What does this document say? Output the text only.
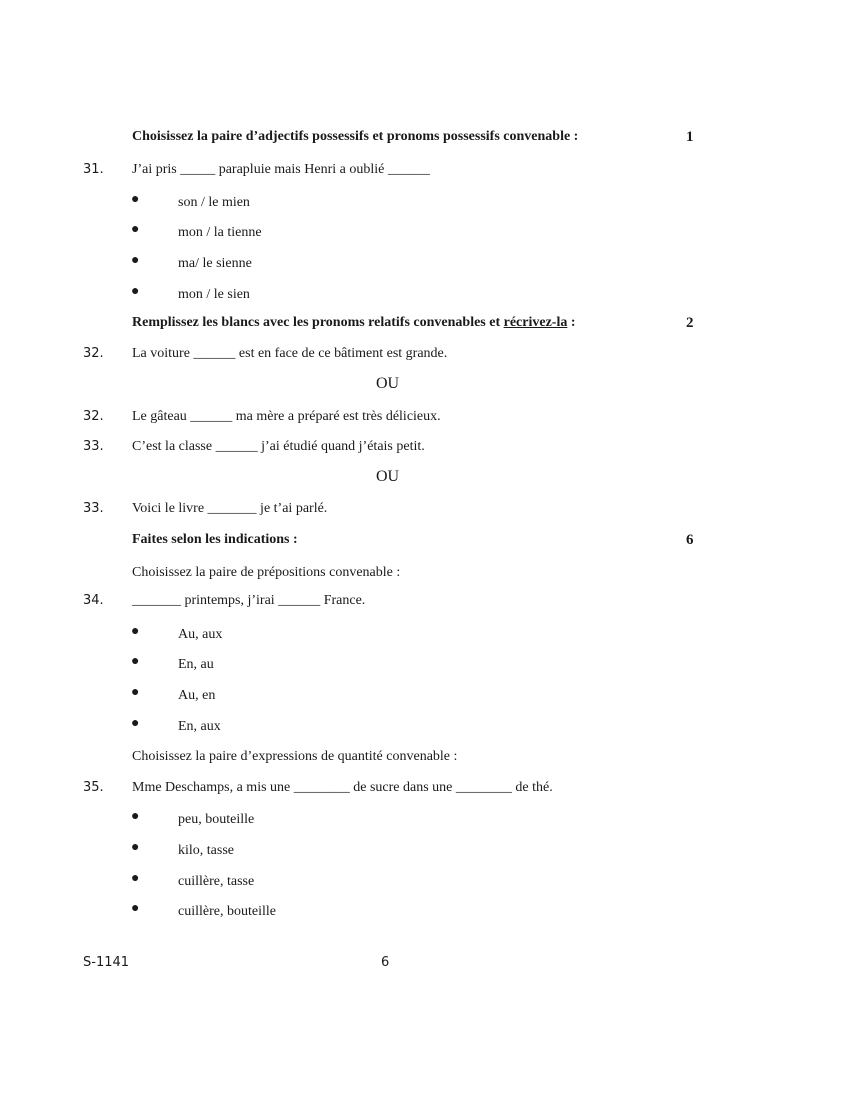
Choisissez la paire d’adjectifs possessifs et pronoms possessifs convenable :	1
31. J’ai pris _____ parapluie mais Henri a oublié ______
●	son / le mien
●	mon / la tienne
●	ma/ le sienne
●	mon / le sien
Remplissez les blancs avec les pronoms relatifs convenables et récrivez-la :	2
32. La voiture ______ est en face de ce bâtiment est grande.
OU
32. Le gâteau ______ ma mère a préparé est très délicieux.
33. C’est la classe ______ j’ai étudié quand j’étais petit.
OU
33. Voici le livre _______ je t’ai parlé.
Faites selon les indications :	6
Choisissez la paire de prépositions convenable :
34. _______ printemps, j’irai ______ France.
●	Au, aux
●	En, au
●	Au, en
●	En, aux
Choisissez la paire d’expressions de quantité convenable :
35. Mme Deschamps, a mis une ________ de sucre dans une ________ de thé.
●	peu, bouteille
●	kilo, tasse
●	cuillère, tasse
●	cuillère, bouteille
S-1141	6
